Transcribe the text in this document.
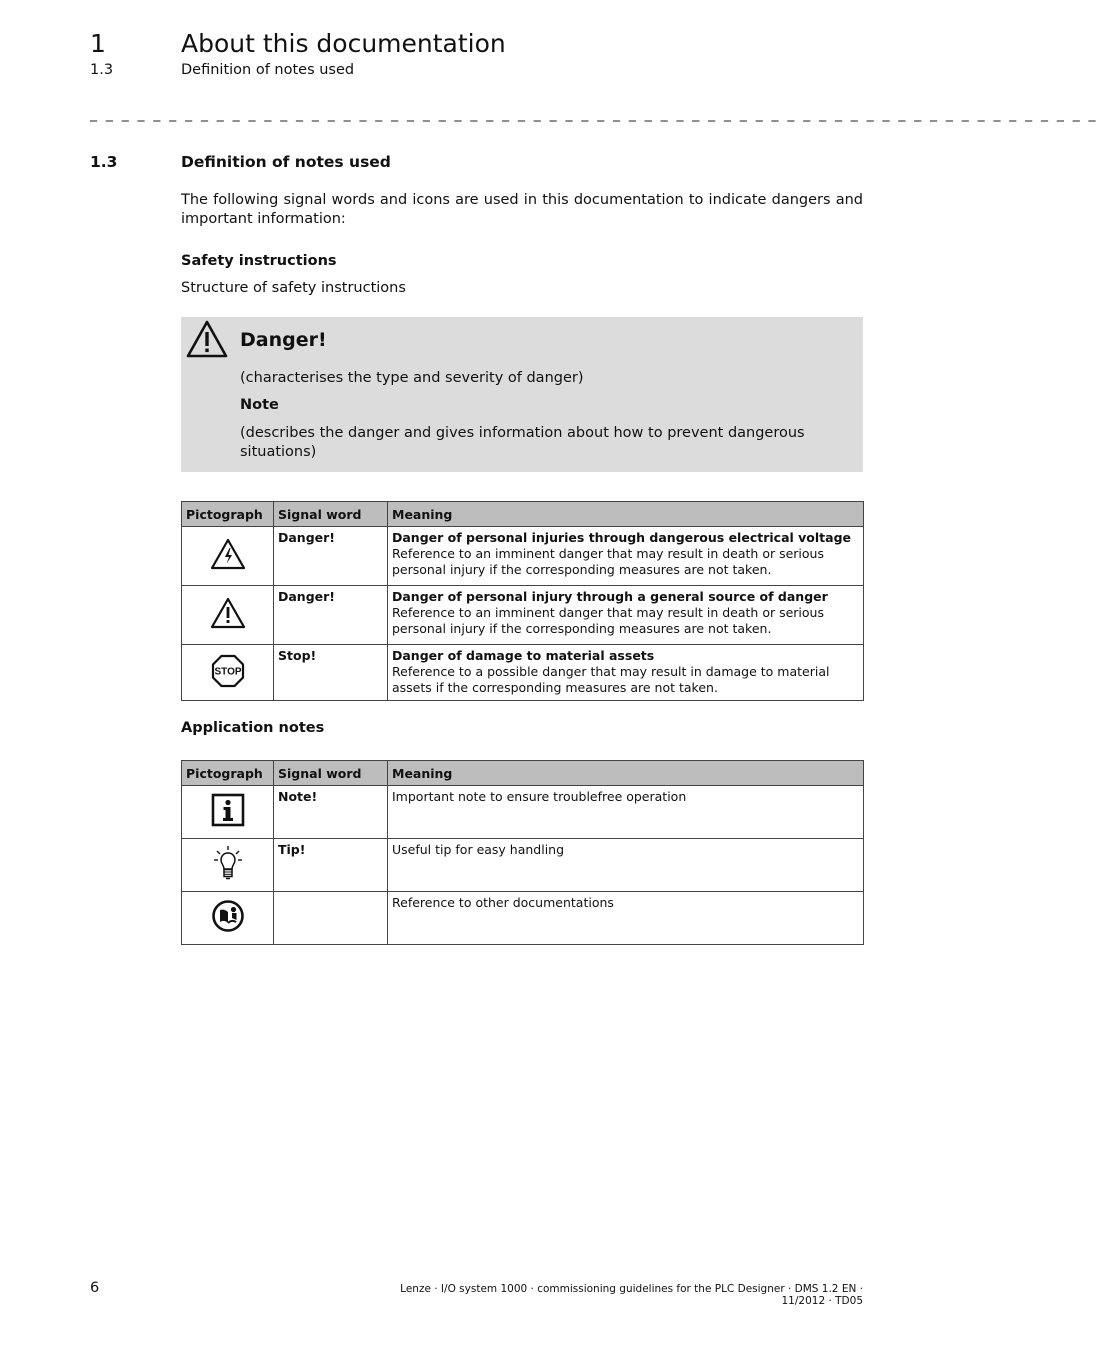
1	About this documentation
1.3	Definition of notes used
_ _ _ _ _ _ _ _ _ _ _ _ _ _ _ _ _ _ _ _ _ _ _ _ _ _ _ _ _ _ _ _ _ _ _ _ _ _ _ _ _ _ _ _ _ _ _ _ _ _ _ _ _ _ _ _ _ _ _ _ _ _ _ _
1.3	Definition of notes used
The following signal words and icons are used in this documentation to indicate dangers and important information:
Safety instructions
Structure of safety instructions
Danger!
(characterises the type and severity of danger)
Note
(describes the danger and gives information about how to prevent dangerous situations)
Pictograph	Signal word	Meaning
	Danger!	Danger of personal injuries through dangerous electrical voltage
Reference to an imminent danger that may result in death or serious personal injury if the corresponding measures are not taken.

	Danger!	Danger of personal injury through a general source of danger
Reference to an imminent danger that may result in death or serious personal injury if the corresponding measures are not taken.

STOP	Stop!	Danger of damage to material assets
Reference to a possible danger that may result in damage to material assets if the corresponding measures are not taken.
Application notes
Pictograph	Signal word	Meaning
	Note!	Important note to ensure troublefree operation
	Tip!	Useful tip for easy handling
		Reference to other documentations
6	Lenze · I/O system 1000 · commissioning guidelines for the PLC Designer · DMS 1.2 EN · 11/2012 · TD05
